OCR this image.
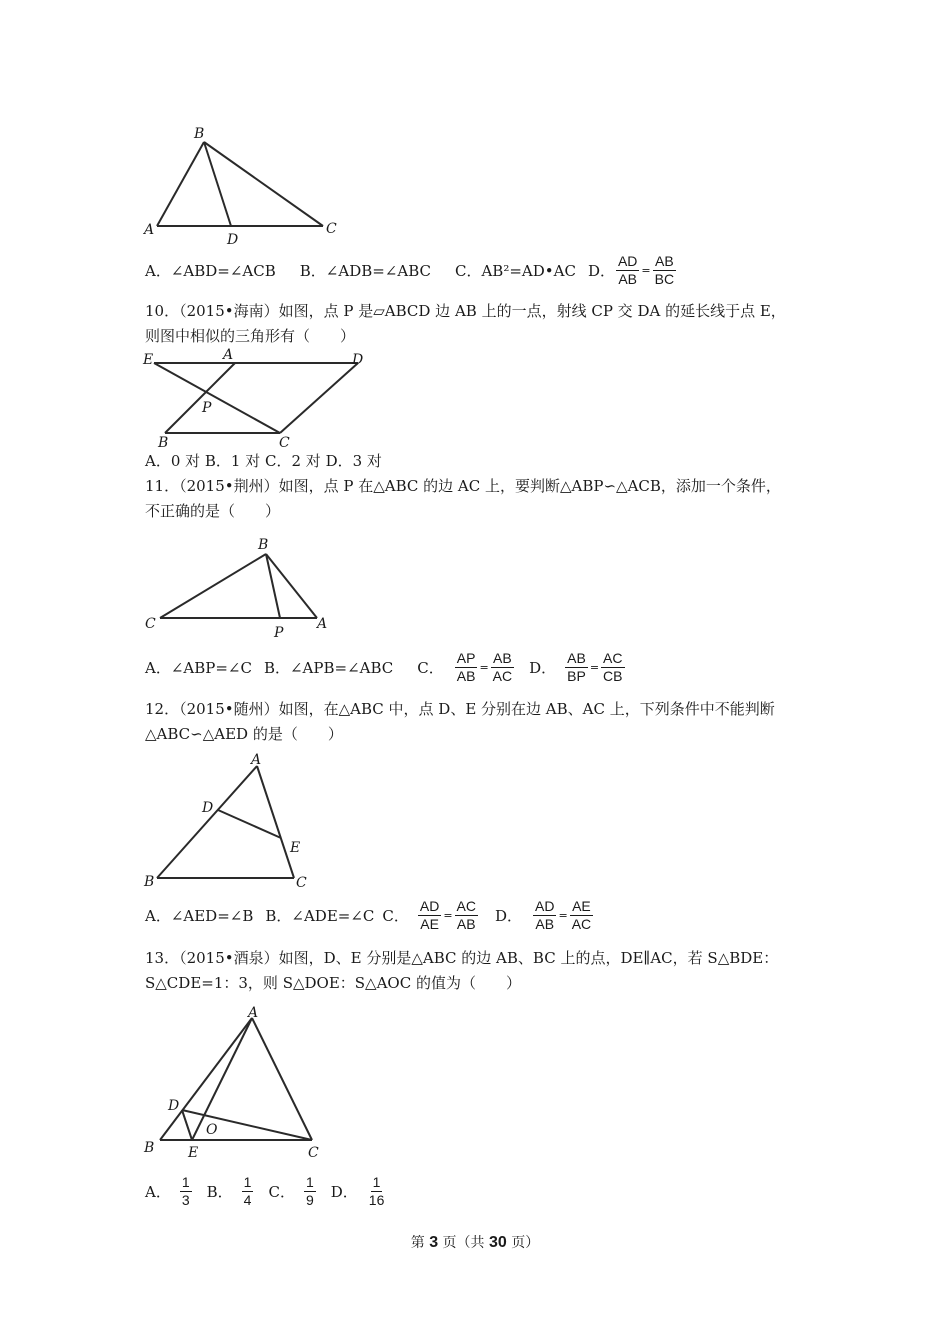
B
A
D
C
A．∠ABD=∠ACB B．∠ADB=∠ABC C．AB²=AD•AC D． $\frac{AD}{AB} = \frac{AB}{BC}$
10．（2015•海南）如图，点 P 是▱ABCD 边 AB 上的一点，射线 CP 交 DA 的延长线于点 E，
则图中相似的三角形有（　　）
E	A	D
P
B	C
A．0 对 B．1 对 C．2 对 D．3 对
11．（2015•荆州）如图，点 P 在△ABC 的边 AC 上，要判断△ABP∽△ACB，添加一个条件，
不正确的是（　　）
B
C
P
A
A．∠ABP=∠C B．∠APB=∠ABC C． $\frac{AP}{AB} = \frac{AB}{AC}$ D． $\frac{AB}{BP} = \frac{AC}{CB}$
12．（2015•随州）如图，在△ABC 中，点 D、E 分别在边 AB、AC 上，下列条件中不能判断
△ABC∽△AED 的是（　　）
A
D
E
B	C
A．∠AED=∠B B．∠ADE=∠C C． $\frac{AD}{AE} = \frac{AC}{AB}$ D． $\frac{AD}{AB} = \frac{AE}{AC}$
13．（2015•酒泉）如图，D、E 分别是△ABC 的边 AB、BC 上的点，DE∥AC，若 S△BDE：
S△CDE=1：3，则 S△DOE：S△AOC 的值为（　　）
A
D
O
B E	C
A． $\frac{1}{3}$ B． $\frac{1}{4}$ C． $\frac{1}{9}$ D． $\frac{1}{16}$
第 3 页（共 30 页）
